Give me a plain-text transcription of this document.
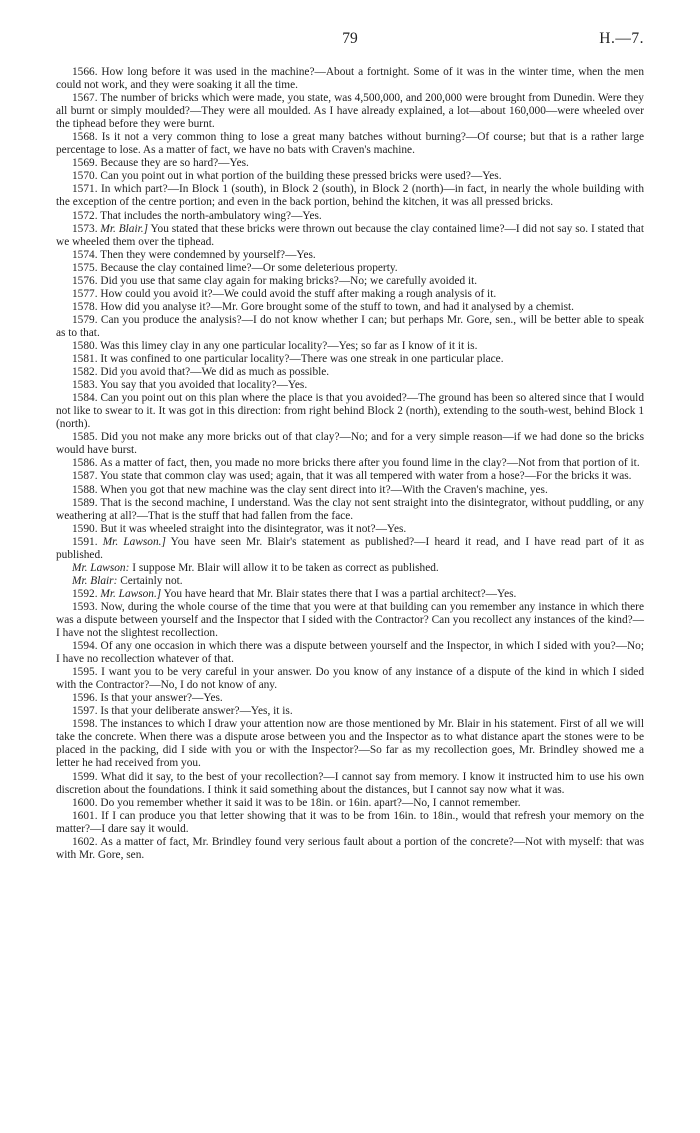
79	H.—7.

1566. How long before it was used in the machine?—About a fortnight. Some of it was in the winter time, when the men could not work, and they were soaking it all the time.

1567. The number of bricks which were made, you state, was 4,500,000, and 200,000 were brought from Dunedin. Were they all burnt or simply moulded?—They were all moulded. As I have already explained, a lot—about 160,000—were wheeled over the tiphead before they were burnt.

1568. Is it not a very common thing to lose a great many batches without burning?—Of course; but that is a rather large percentage to lose. As a matter of fact, we have no bats with Craven's machine.

1569. Because they are so hard?—Yes.

1570. Can you point out in what portion of the building these pressed bricks were used?—Yes.

1571. In which part?—In Block 1 (south), in Block 2 (south), in Block 2 (north)—in fact, in nearly the whole building with the exception of the centre portion; and even in the back portion, behind the kitchen, it was all pressed bricks.

1572. That includes the north-ambulatory wing?—Yes.

1573. Mr. Blair.] You stated that these bricks were thrown out because the clay contained lime?—I did not say so. I stated that we wheeled them over the tiphead.

1574. Then they were condemned by yourself?—Yes.

1575. Because the clay contained lime?—Or some deleterious property.

1576. Did you use that same clay again for making bricks?—No; we carefully avoided it.

1577. How could you avoid it?—We could avoid the stuff after making a rough analysis of it.

1578. How did you analyse it?—Mr. Gore brought some of the stuff to town, and had it analysed by a chemist.

1579. Can you produce the analysis?—I do not know whether I can; but perhaps Mr. Gore, sen., will be better able to speak as to that.

1580. Was this limey clay in any one particular locality?—Yes; so far as I know of it it is.

1581. It was confined to one particular locality?—There was one streak in one particular place.

1582. Did you avoid that?—We did as much as possible.

1583. You say that you avoided that locality?—Yes.

1584. Can you point out on this plan where the place is that you avoided?—The ground has been so altered since that I would not like to swear to it. It was got in this direction: from right behind Block 2 (north), extending to the south-west, behind Block 1 (north).

1585. Did you not make any more bricks out of that clay?—No; and for a very simple reason—if we had done so the bricks would have burst.

1586. As a matter of fact, then, you made no more bricks there after you found lime in the clay?—Not from that portion of it.

1587. You state that common clay was used; again, that it was all tempered with water from a hose?—For the bricks it was.

1588. When you got that new machine was the clay sent direct into it?—With the Craven's machine, yes.

1589. That is the second machine, I understand. Was the clay not sent straight into the disintegrator, without puddling, or any weathering at all?—That is the stuff that had fallen from the face.

1590. But it was wheeled straight into the disintegrator, was it not?—Yes.

1591. Mr. Lawson.] You have seen Mr. Blair's statement as published?—I heard it read, and I have read part of it as published.

Mr. Lawson: I suppose Mr. Blair will allow it to be taken as correct as published.

Mr. Blair: Certainly not.

1592. Mr. Lawson.] You have heard that Mr. Blair states there that I was a partial architect?—Yes.

1593. Now, during the whole course of the time that you were at that building can you remember any instance in which there was a dispute between yourself and the Inspector that I sided with the Contractor? Can you recollect any instances of the kind?—I have not the slightest recollection.

1594. Of any one occasion in which there was a dispute between yourself and the Inspector, in which I sided with you?—No; I have no recollection whatever of that.

1595. I want you to be very careful in your answer. Do you know of any instance of a dispute of the kind in which I sided with the Contractor?—No, I do not know of any.

1596. Is that your answer?—Yes.

1597. Is that your deliberate answer?—Yes, it is.

1598. The instances to which I draw your attention now are those mentioned by Mr. Blair in his statement. First of all we will take the concrete. When there was a dispute arose between you and the Inspector as to what distance apart the stones were to be placed in the packing, did I side with you or with the Inspector?—So far as my recollection goes, Mr. Brindley showed me a letter he had received from you.

1599. What did it say, to the best of your recollection?—I cannot say from memory. I know it instructed him to use his own discretion about the foundations. I think it said something about the distances, but I cannot say now what it was.

1600. Do you remember whether it said it was to be 18in. or 16in. apart?—No, I cannot remember.

1601. If I can produce you that letter showing that it was to be from 16in. to 18in., would that refresh your memory on the matter?—I dare say it would.

1602. As a matter of fact, Mr. Brindley found very serious fault about a portion of the concrete?—Not with myself: that was with Mr. Gore, sen.
